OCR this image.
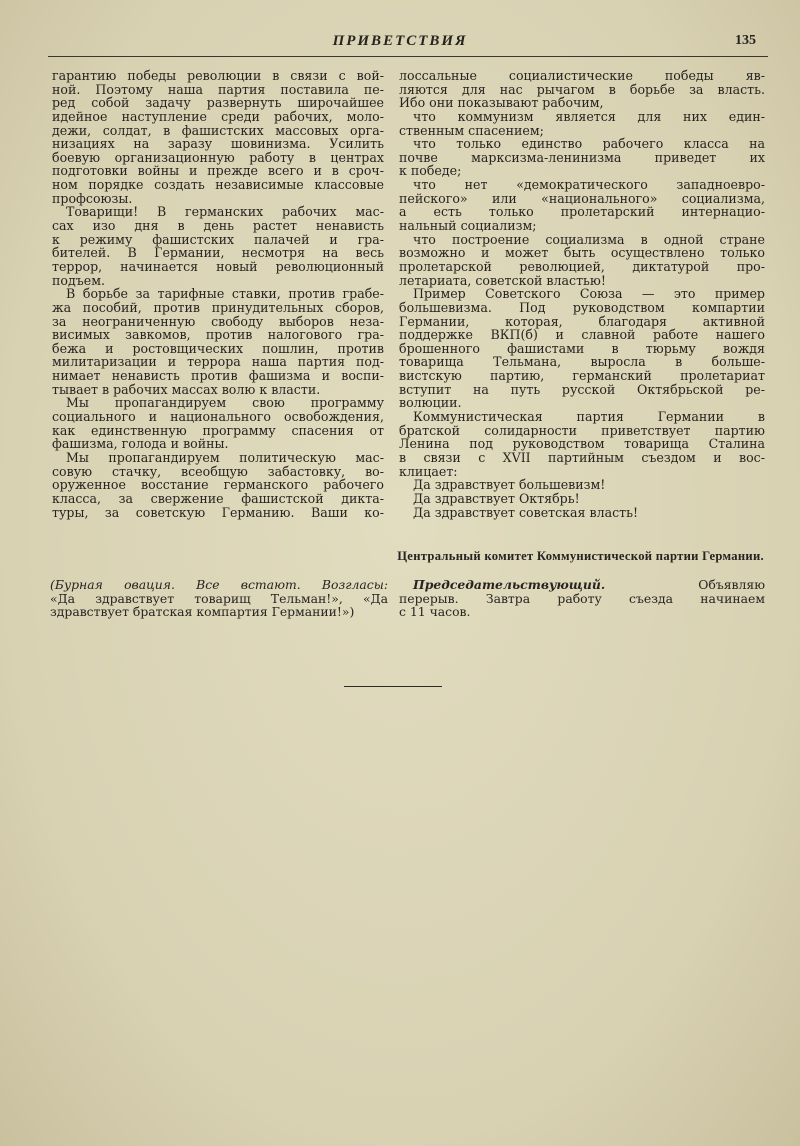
ПРИВЕТСТВИЯ	135
гарантию победы революции в связи с вой-
ной. Поэтому наша партия поставила пе-
ред собой задачу развернуть широчайшее
идейное наступление среди рабочих, моло-
дежи, солдат, в фашистских массовых орга-
низациях на заразу шовинизма. Усилить
боевую организационную работу в центрах
подготовки войны и прежде всего и в сроч-
ном порядке создать независимые классовые
профсоюзы.
Товарищи! В германских рабочих мас-
сах изо дня в день растет ненависть
к режиму фашистских палачей и гра-
бителей. В Германии, несмотря на весь
террор, начинается новый революционный
подъем.
В борьбе за тарифные ставки, против грабе-
жа пособий, против принудительных сборов,
за неограниченную свободу выборов неза-
висимых завкомов, против налогового гра-
бежа и ростовщических пошлин, против
милитаризации и террора наша партия под-
нимает ненависть против фашизма и воспи-
тывает в рабочих массах волю к власти.
Мы пропагандируем свою программу
социального и национального освобождения,
как единственную программу спасения от
фашизма, голода и войны.
Мы пропагандируем политическую мас-
совую стачку, всеобщую забастовку, во-
оруженное восстание германского рабочего
класса, за свержение фашистской дикта-
туры, за советскую Германию. Ваши ко-
лоссальные социалистические победы яв-
ляются для нас рычагом в борьбе за власть.
Ибо они показывают рабочим,
что коммунизм является для них един-
ственным спасением;
что только единство рабочего класса на
почве марксизма-ленинизма приведет их
к победе;
что нет «демократического западноевро-
пейского» или «национального» социализма,
а есть только пролетарский интернацио-
нальный социализм;
что построение социализма в одной стране
возможно и может быть осуществлено только
пролетарской революцией, диктатурой про-
летариата, советской властью!
Пример Советского Союза — это пример
большевизма. Под руководством компартии
Германии, которая, благодаря активной
поддержке ВКП(б) и славной работе нашего
брошенного фашистами в тюрьму вождя
товарища Тельмана, выросла в больше-
вистскую партию, германский пролетариат
вступит на путь русской Октябрьской ре-
волюции.
Коммунистическая партия Германии в
братской солидарности приветствует партию
Ленина под руководством товарища Сталина
в связи с XVII партийным съездом и вос-
клицает:
Да здравствует большевизм!
Да здравствует Октябрь!
Да здравствует советская власть!
Центральный комитет Коммунистической партии Германии.
(Бурная овация. Все встают. Возгласы:
«Да здравствует товарищ Тельман!», «Да
здравствует братская компартия Германии!»)
Председательствующий.	Объявляю
перерыв. Завтра работу съезда начинаем
с 11 часов.
